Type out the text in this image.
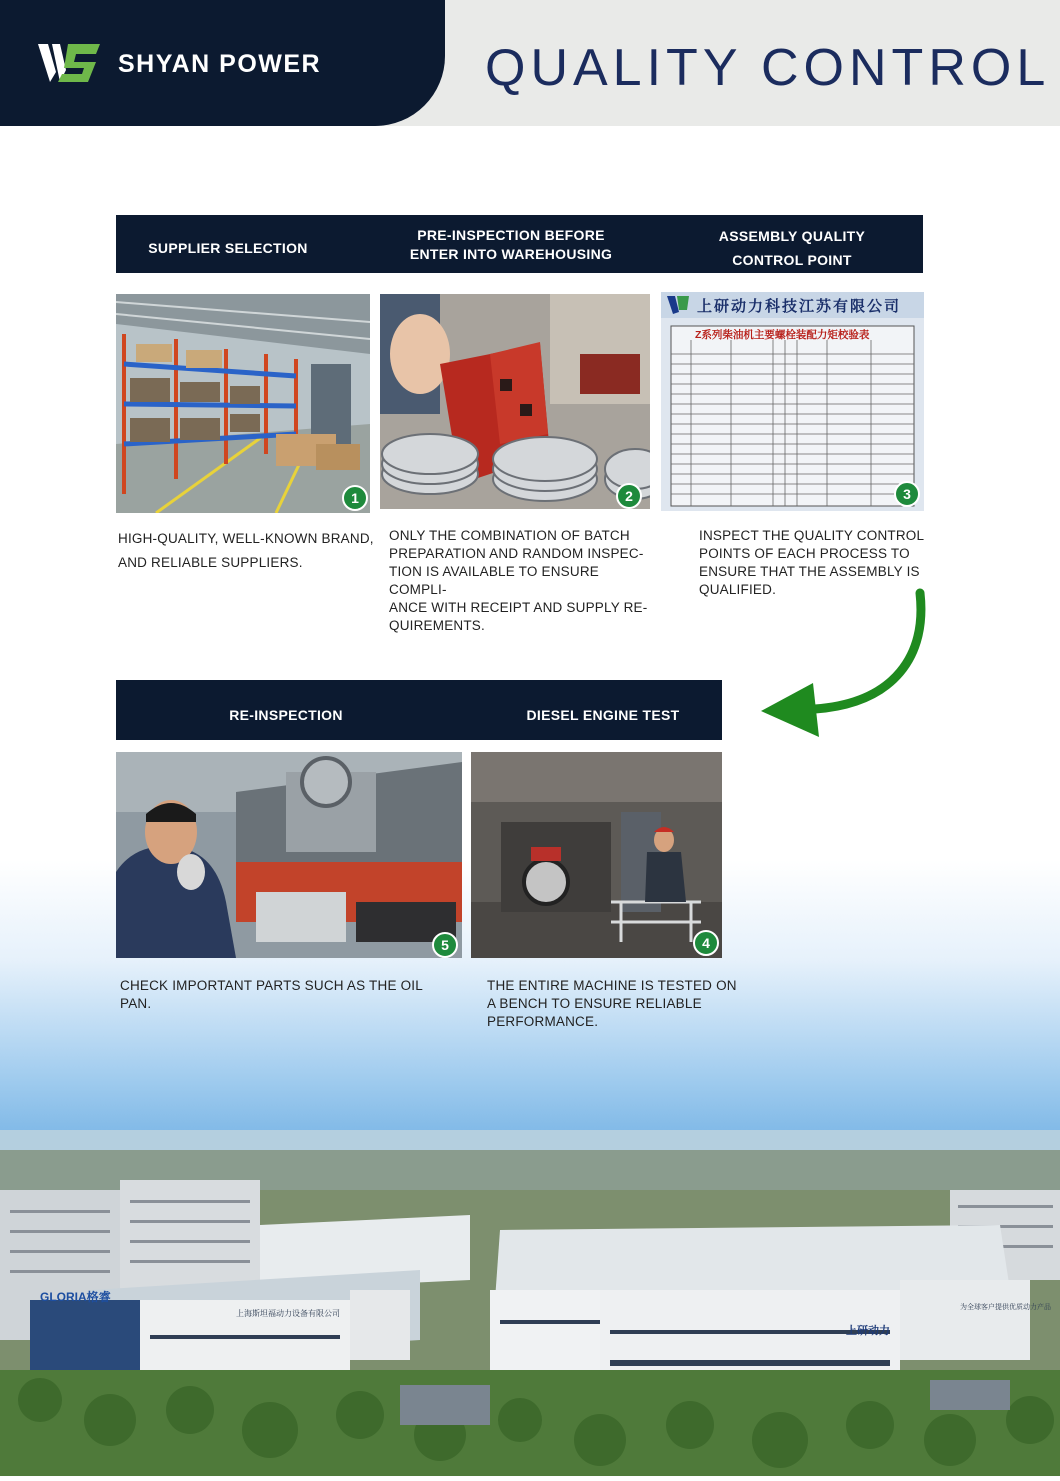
SHYAN POWER	QUALITY CONTROL
SUPPLIER SELECTION
PRE-INSPECTION BEFORE
ENTER INTO WAREHOUSING
ASSEMBLY QUALITY
CONTROL POINT
1	2
上研动力科技江苏有限公司
Z系列柴油机主要螺栓装配力矩校验表
3
HIGH-QUALITY, WELL-KNOWN BRAND,
AND RELIABLE SUPPLIERS.
ONLY THE COMBINATION OF BATCH
PREPARATION AND RANDOM INSPEC-
TION IS AVAILABLE TO ENSURE COMPLI-
ANCE WITH RECEIPT AND SUPPLY RE-
QUIREMENTS.
INSPECT THE QUALITY CONTROL
POINTS OF EACH PROCESS TO
ENSURE THAT THE ASSEMBLY IS
QUALIFIED.
RE-INSPECTION	DIESEL ENGINE TEST
5	4
CHECK IMPORTANT PARTS SUCH AS THE OIL
PAN.
THE ENTIRE MACHINE IS TESTED ON
A BENCH TO ENSURE RELIABLE
PERFORMANCE.
GLORIA格睿
上海斯坦福动力设备有限公司
上研动力
为全球客户提供优质动力产品
